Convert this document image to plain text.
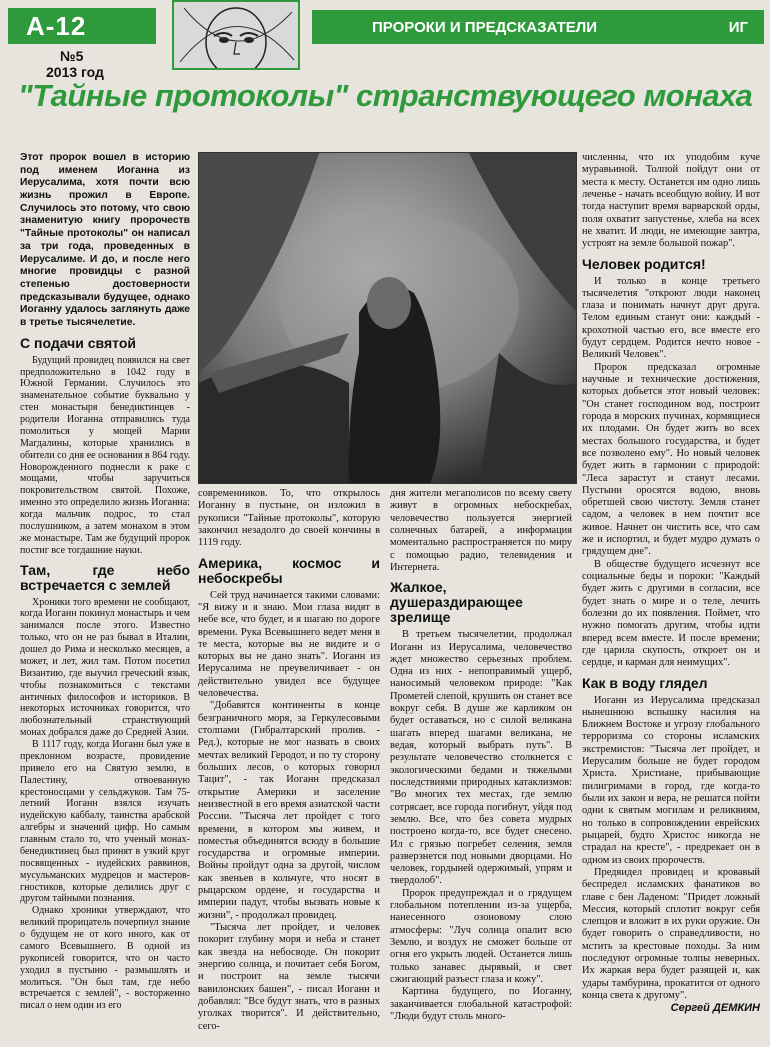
А-12
№5
2013 год
ПРОРОКИ И ПРЕДСКАЗАТЕЛИ	ИГ
"Тайные протоколы" странствующего монаха
Этот пророк вошел в историю под именем Иоганна из Иерусалима, хотя почти всю жизнь прожил в Европе. Случилось это потому, что свою знаменитую книгу пророчеств "Тайные протоколы" он написал за три года, проведенных в Иерусалиме. И до, и после него многие провидцы с разной степенью достоверности предсказывали будущее, однако Иоганну удалось заглянуть даже в третье тысячелетие.
С подачи святой

Будущий провидец появился на свет предположительно в 1042 году в Южной Германии. Случилось это знаменательное событие буквально у стен монастыря бенедиктинцев - родители Иоганна отправились туда помолиться у мощей Марии Магдалины, которые хранились в обители со дня ее основания в 864 году. Новорожденного поднесли к раке с мощами, чтобы заручиться покровительством святой. Похоже, именно это определило жизнь Иоганна: когда мальчик подрос, то стал послушником, а затем монахом в этом же монастыре. Там же будущий пророк постиг все тогдашние науки.

Там, где небо встречается с землей

Хроники того времени не сообщают, когда Иоганн покинул монастырь и чем занимался после этого. Известно только, что он не раз бывал в Италии, дошел до Рима и несколько месяцев, а может, и лет, жил там. Потом посетил Византию, где выучил греческий язык, чтобы познакомиться с текстами античных философов и историков. В некоторых источниках говорится, что любознательный странствующий монах добрался даже до Средней Азии.

В 1117 году, когда Иоганн был уже в преклонном возрасте, провидение привело его на Святую землю, в Палестину, отвоеванную крестоносцами у сельджуков. Там 75-летний Иоганн взялся изучать иудейскую каббалу, таинства арабской алгебры и значений цифр. Но самым главным стало то, что ученый монах-бенедиктинец был принят в узкий круг посвященных - иудейских раввинов, мусульманских мудрецов и мастеров-гностиков, которые делились друг с другом тайными познания.

Однако хроники утверждают, что великий прорицатель почерпнул знание о будущем не от кого иного, как от самого Всевышнего. В одной из рукописей говорится, что он часто уходил в пустыню - размышлять и молиться. "Он был там, где небо встречается с землей", - восторженно писал о нем один из его

современников. То, что открылось Иоганну в пустыне, он изложил в рукописи "Тайные протоколы", которую закончил незадолго до своей кончины в 1119 году.

Америка, космос и небоскребы

Сей труд начинается такими словами: "Я вижу и я знаю. Мои глаза видят в небе все, что будет, и я шагаю по дороге времени. Рука Всевышнего ведет меня в те места, которые вы не видите и о которых вы не дано знать". Иоганн из Иерусалима не преувеличивает - он действительно увидел все будущее человечества.

"Добавятся континенты в конце безграничного моря, за Геркулесовыми столпами (Гибралтарский пролив. - Ред.), которые не мог назвать в своих мечтах великий Геродот, и по ту сторону больших лесов, о которых говорил Тацит", - так Иоганн предсказал открытие Америки и заселение неизвестной в его время азиатской части России. "Тысяча лет пройдет с того времени, в котором мы живем, и поместья объединятся всюду в большие государства и огромные империи. Войны пройдут одна за другой, числом как звеньев в кольчуге, что носят в рыцарском ордене, и государства и империи падут, чтобы вызвать новые к жизни", - продолжал провидец.

"Тысяча лет пройдет, и человек покорит глубину моря и неба и станет как звезда на небосводе. Он покорит энергию солнца, и почитает себя Богом, и построит на земле тысячи вавилонских башен", - писал Иоганн и добавлял: "Все будут знать, что в разных уголках творится". И действительно, сего-

дня жители мегаполисов по всему свету живут в огромных небоскребах, человечество пользуется энергией солнечных батарей, а информация моментально распространяется по миру с помощью радио, телевидения и Интернета.

Жалкое, душераздирающее зрелище

В третьем тысячелетии, продолжал Иоганн из Иерусалима, человечество ждет множество серьезных проблем. Одна из них - непоправимый ущерб, наносимый человеком природе: "Как Прометей слепой, крушить он станет все вокруг себя. В душе же карликом он будет оставаться, но с силой великана шагать вперед шагами великана, не ведая, который выбрать путь". В результате человечество столкнется с экологическими бедами и тяжелыми последствиями природных катаклизмов: "Во многих тех местах, где землю сотрясает, все города погибнут, уйдя под землю. Все, что без совета мудрых построено когда-то, все будет снесено. Ил с грязью погребет селения, земля разверзнется под новыми дворцами. Но человек, гордыней одержимый, упрям и твердолоб".

Пророк предупреждал и о грядущем глобальном потеплении из-за ущерба, нанесенного озоновому слою атмосферы: "Луч солнца опалит всю Землю, и воздух не сможет больше от огня его укрыть людей. Останется лишь только занавес дырявый, и свет сжигающий разъест глаза и кожу".

Картина будущего, по Иоганну, заканчивается глобальной катастрофой: "Люди будут столь много-

численны, что их уподобим куче муравьиной. Толпой пойдут они от места к месту. Останется им одно лишь леченье - начать всеобщую войну. И вот тогда наступит время варварской орды, поля охватит запустенье, хлеба на всех не хватит. И люди, не имеющие завтра, устроят на земле большой пожар".

Человек родится!

И только в конце третьего тысячелетия "откроют люди наконец глаза и понимать начнут друг друга. Телом единым станут они: каждый - крохотной частью его, все вместе его будут сердцем. Родится нечто новое - Великий Человек".

Пророк предсказал огромные научные и технические достижения, которых добьется этот новый человек: "Он станет господином вод, построит города в морских пучинах, кормящиеся их плодами. Он будет жить во всех местах большого государства, и будет все позволено ему". Но новый человек будет жить в гармонии с природой: "Леса зарастут и станут лесами. Пустыни оросятся водою, вновь обретшей свою чистоту. Земля станет садом, а человек в нем почтит все живое. Начнет он чистить все, что сам же и испортил, и будет мудро думать о грядущем дне".

В обществе будущего исчезнут все социальные беды и пороки: "Каждый будет жить с другими в согласии, все будет знать о мире и о теле, лечить болезни до их появления. Поймет, что нужно помогать другим, чтобы идти вперед всем вместе. И после времени; где царила скупость, откроет он и сердце, и карман для неимущих".

Как в воду глядел

Иоганн из Иерусалима предсказал нынешнюю вспышку насилия на Ближнем Востоке и угрозу глобального терроризма со стороны исламских экстремистов: "Тысяча лет пройдет, и Иерусалим больше не будет городом Христа. Христиане, прибывающие пилигримами в город, где когда-то были их закон и вера, не решатся пойти одни к святым могилам и реликвиям, но только в сопровождении еврейских рыцарей, будто Христос никогда не страдал на кресте", - предрекает он в одном из своих пророчеств.

Предвидел провидец и кровавый беспредел исламских фанатиков во главе с бен Ладеном: "Придет ложный Мессия, который сплотит вокруг себя слепцов и вложит в их руки оружие. Он будет говорить о справедливости, но мстить за крестовые походы. За ним последуют огромные толпы неверных. Их жаркая вера будет разящей и, как удары тамбурина, прокатится от одного конца света к другому".

Сергей ДЕМКИН
